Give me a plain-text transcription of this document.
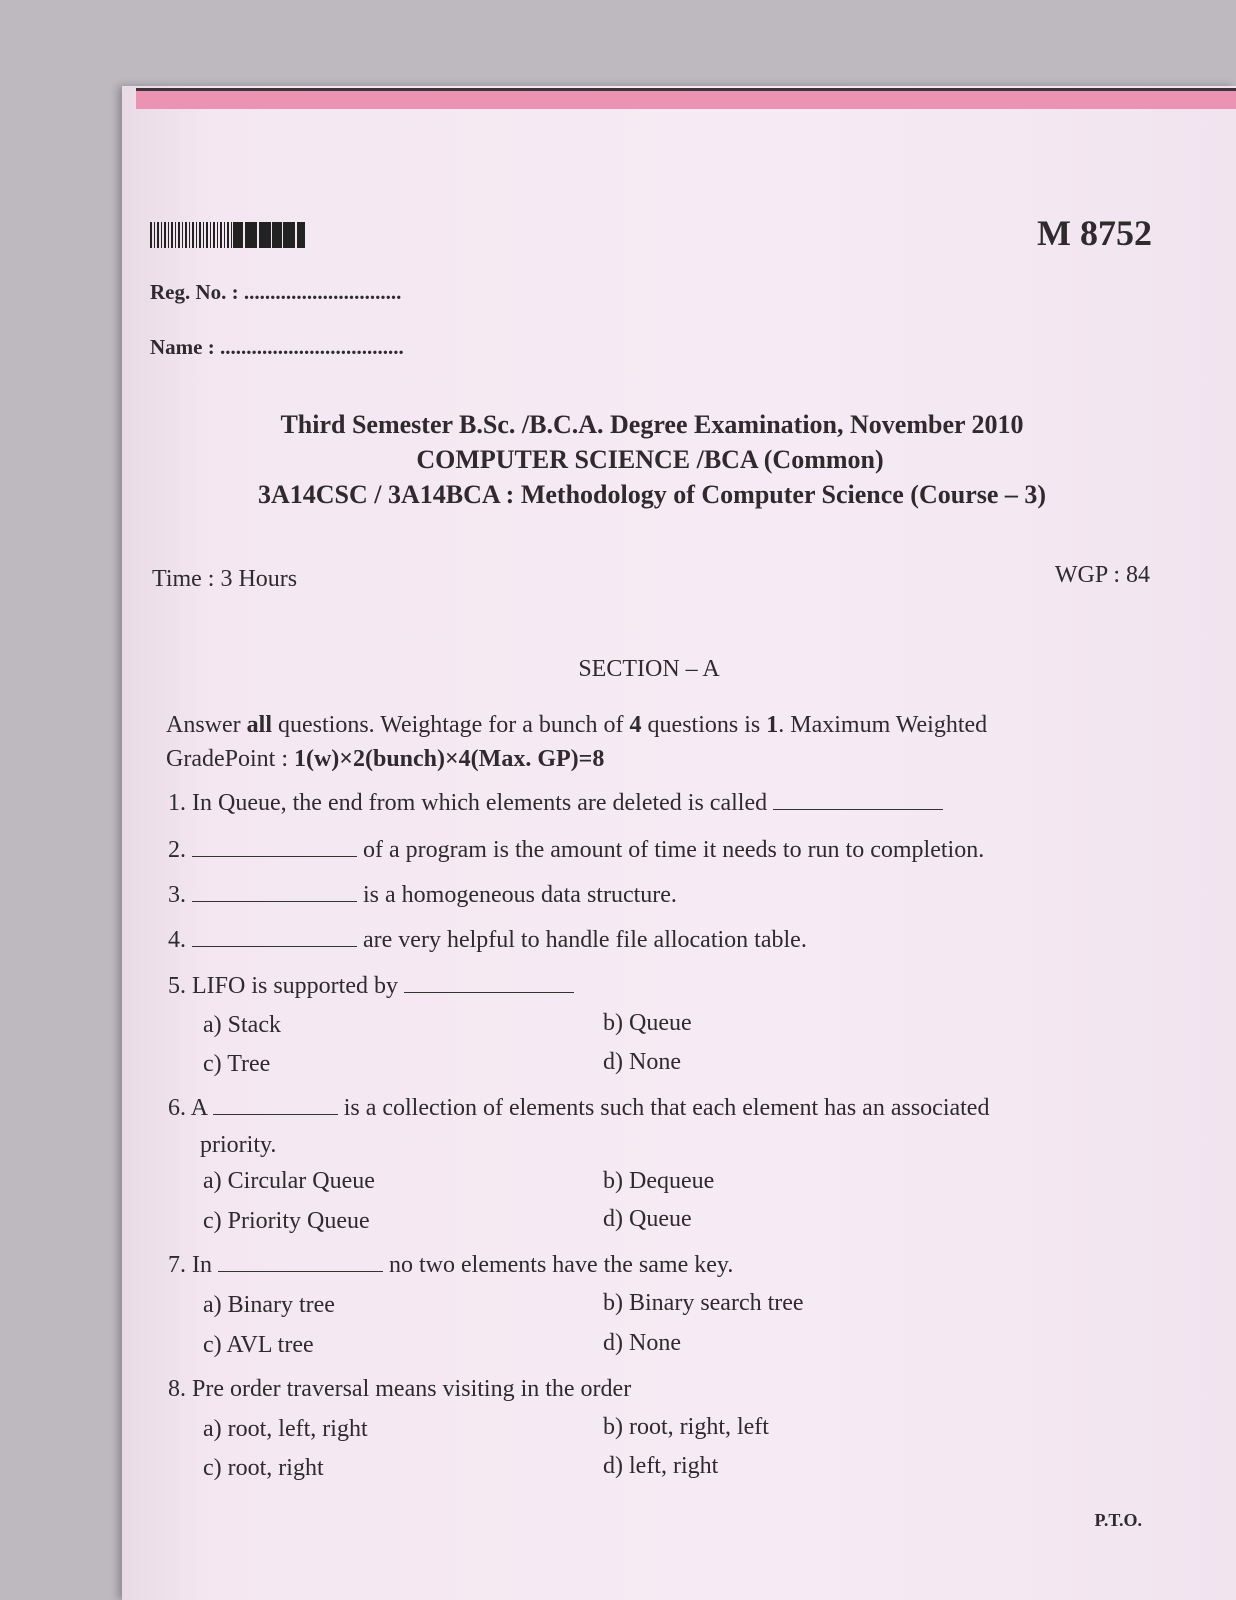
M 8752
Reg. No. : ..............................
Name : ...................................
Third Semester B.Sc. /B.C.A. Degree Examination, November 2010
COMPUTER SCIENCE /BCA (Common)
3A14CSC / 3A14BCA : Methodology of Computer Science (Course – 3)
Time : 3 Hours	WGP : 84
SECTION – A
Answer all questions. Weightage for a bunch of 4 questions is 1. Maximum Weighted
GradePoint : 1(w)×2(bunch)×4(Max. GP)=8
1. In Queue, the end from which elements are deleted is called
2.	of a program is the amount of time it needs to run to completion.
3.	is a homogeneous data structure.
4.	are very helpful to handle file allocation table.
5. LIFO is supported by
a) Stack	b) Queue
c) Tree	d) None
6. A	is a collection of elements such that each element has an associated
priority.
a) Circular Queue	b) Dequeue
c) Priority Queue	d) Queue
7. In	no two elements have the same key.
a) Binary tree	b) Binary search tree
c) AVL tree	d) None
8. Pre order traversal means visiting in the order
a) root, left, right	b) root, right, left
c) root, right	d) left, right
P.T.O.
